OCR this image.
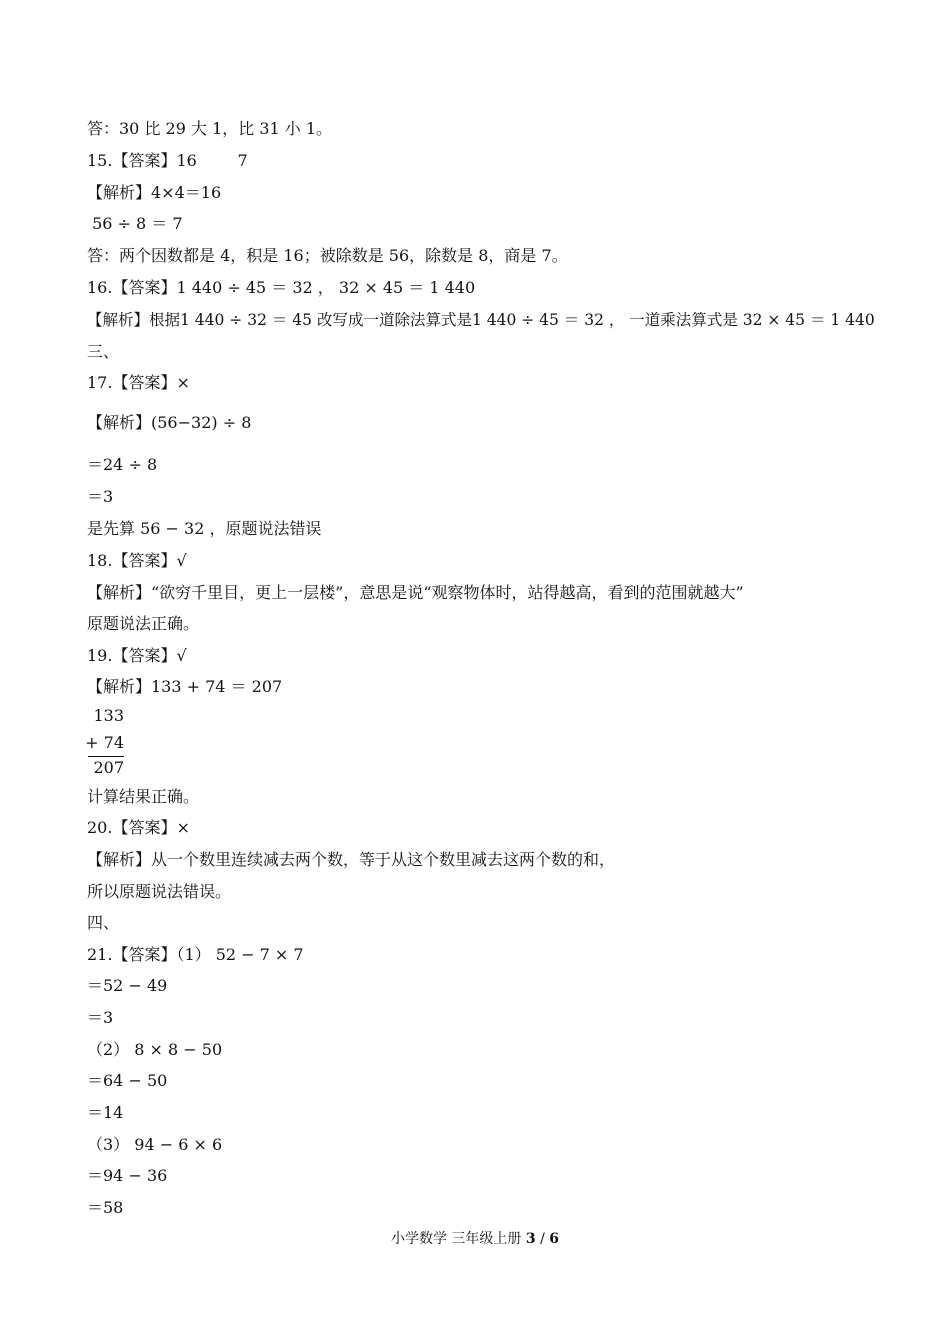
答：30 比 29 大 1，比 31 小 1。
15.【答案】16        7
【解析】4×4＝16
56 ÷ 8 ＝ 7
答：两个因数都是 4，积是 16；被除数是 56，除数是 8，商是 7。
16.【答案】1 440 ÷ 45 ＝ 32 ， 32 × 45 ＝ 1 440
【解析】根据1 440 ÷ 32 ＝ 45 改写成一道除法算式是1 440 ÷ 45 ＝ 32 ， 一道乘法算式是 32 × 45 ＝ 1 440
三、
17.【答案】×
【解析】(56−32) ÷ 8
＝24 ÷ 8
＝3
是先算 56 − 32 ，原题说法错误
18.【答案】√
【解析】“欲穷千里目，更上一层楼”，意思是说“观察物体时，站得越高，看到的范围就越大”
原题说法正确。
19.【答案】√
【解析】133 + 74 ＝ 207
133
+ 74
207
计算结果正确。
20.【答案】×
【解析】从一个数里连续减去两个数，等于从这个数里减去这两个数的和，
所以原题说法错误。
四、
21.【答案】（1） 52 − 7 × 7
＝52 − 49
＝3
（2） 8 × 8 − 50
＝64 − 50
＝14
（3） 94 − 6 × 6
＝94 − 36
＝58
小学数学 三年级上册 3 / 6
